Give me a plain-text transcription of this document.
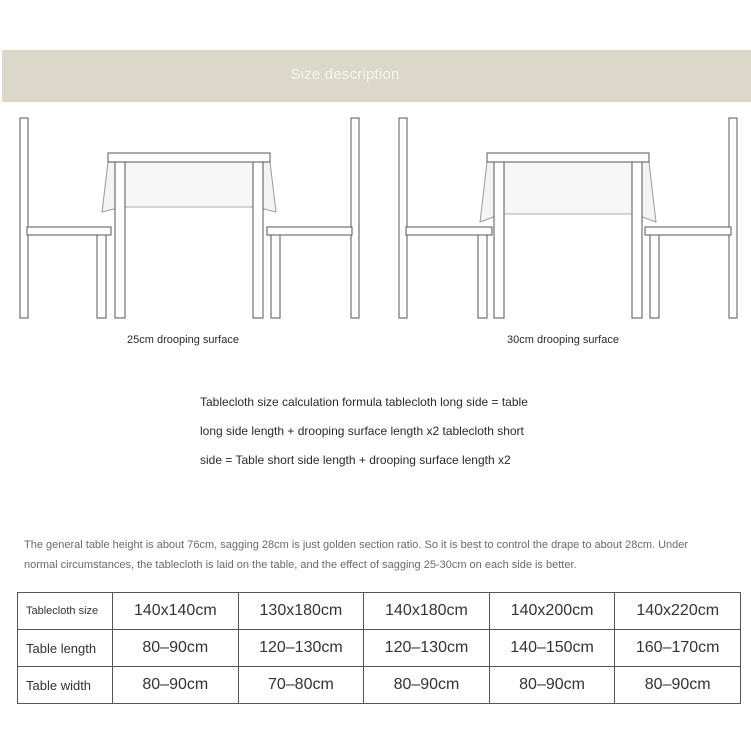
Size description
25cm drooping surface	30cm drooping surface
Tablecloth size calculation formula tablecloth long side = table
long side length + drooping surface length x2 tablecloth short
side = Table short side length + drooping surface length x2
The general table height is about 76cm, sagging 28cm is just golden section ratio. So it is best to control the drape to about 28cm. Under normal circumstances, the tablecloth is laid on the table, and the effect of sagging 25-30cm on each side is better.
Tablecloth size	140x140cm	130x180cm	140x180cm	140x200cm	140x220cm
Table length	80–90cm	120–130cm	120–130cm	140–150cm	160–170cm
Table width	80–90cm	70–80cm	80–90cm	80–90cm	80–90cm
